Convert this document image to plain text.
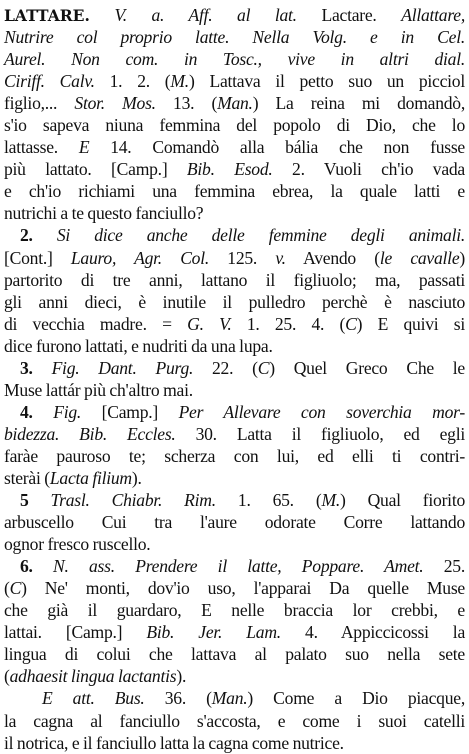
LATTARE. V. a. Aff. al lat. Lactare. Allattare,
Nutrire col proprio latte. Nella Volg. e in Cel.
Aurel. Non com. in Tosc., vive in altri dial.
Ciriff. Calv. 1. 2. (M.) Lattava il petto suo un picciol
figlio,... Stor. Mos. 13. (Man.) La reina mi domandò,
s'io sapeva niuna femmina del popolo di Dio, che lo
lattasse. E 14. Comandò alla bália che non fusse
più lattato. [Camp.] Bib. Esod. 2. Vuoli ch'io vada
e ch'io richiami una femmina ebrea, la quale latti e
nutrichi a te questo fanciullo?
2. Si dice anche delle femmine degli animali.
[Cont.] Lauro, Agr. Col. 125. v. Avendo (le cavalle)
partorito di tre anni, lattano il figliuolo; ma, passati
gli anni dieci, è inutile il pulledro perchè è nasciuto
di vecchia madre. = G. V. 1. 25. 4. (C) E quivi si
dice furono lattati, e nudriti da una lupa.
3. Fig. Dant. Purg. 22. (C) Quel Greco Che le
Muse lattár più ch'altro mai.
4. Fig. [Camp.] Per Allevare con soverchia mor-
bidezza. Bib. Eccles. 30. Latta il figliuolo, ed egli
faràe pauroso te; scherza con lui, ed elli ti contri-
sterài (Lacta filium).
5 Trasl. Chiabr. Rim. 1. 65. (M.) Qual fiorito
arbuscello Cui tra l'aure odorate Corre lattando
ognor fresco ruscello.
6. N. ass. Prendere il latte, Poppare. Amet. 25.
(C) Ne' monti, dov'io uso, l'apparai Da quelle Muse
che già il guardaro, E nelle braccia lor crebbi, e
lattai. [Camp.] Bib. Jer. Lam. 4. Appiccicossi la
lingua di colui che lattava al palato suo nella sete
(adhaesit lingua lactantis).
E att. Bus. 36. (Man.) Come a Dio piacque,
la cagna al fanciullo s'accosta, e come i suoi catelli
il notrica, e il fanciullo latta la cagna come nutrice.
